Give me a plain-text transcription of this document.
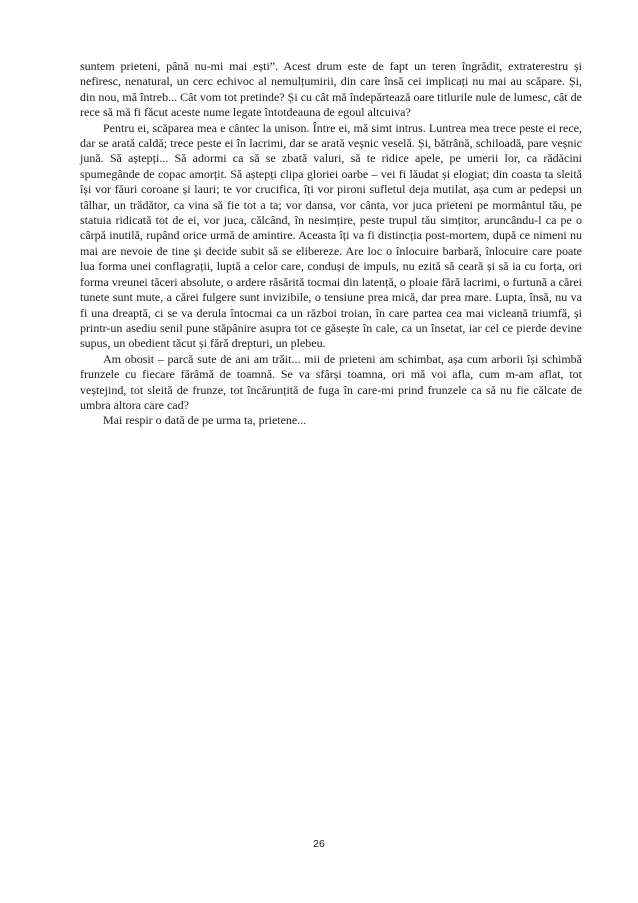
suntem prieteni, până nu-mi mai ești”. Acest drum este de fapt un teren îngrădit, extraterestru și nefiresc, nenatural, un cerc echivoc al nemulțumirii, din care însă cei implicați nu mai au scăpare. Și, din nou, mă întreb... Cât vom tot pretinde? Și cu cât mă îndepărtează oare titlurile nule de lumesc, cât de rece să mă fi făcut aceste nume legate întotdeauna de egoul altcuiva?

Pentru ei, scăparea mea e cântec la unison. Între ei, mă simt intrus. Luntrea mea trece peste ei rece, dar se arată caldă; trece peste ei în lacrimi, dar se arată veșnic veselă. Și, bătrână, schiloadă, pare veșnic jună. Să aștepți... Să adormi ca să se zbată valuri, să te ridice apele, pe umerii lor, ca rădăcini spumegânde de copac amorțit. Să aștepți clipa gloriei oarbe – vei fi lăudat și elogiat; din coasta ta sleită își vor făuri coroane și lauri; te vor crucifica, îți vor pironi sufletul deja mutilat, așa cum ar pedepsi un tâlhar, un trădător, ca vina să fie tot a ta; vor dansa, vor cânta, vor juca prieteni pe mormântul tău, pe statuia ridicată tot de ei, vor juca, călcând, în nesimțire, peste trupul tău simțitor, aruncându-l ca pe o cârpă inutilă, rupând orice urmă de amintire. Aceasta îți va fi distincția post-mortem, după ce nimeni nu mai are nevoie de tine și decide subit să se elibereze. Are loc o înlocuire barbară, înlocuire care poate lua forma unei conflagrații, luptă a celor care, conduși de impuls, nu ezită să ceară și să ia cu forța, ori forma vreunei tăceri absolute, o ardere răsărită tocmai din latență, o ploaie fără lacrimi, o furtună a cărei tunete sunt mute, a cărei fulgere sunt invizibile, o tensiune prea mică, dar prea mare. Lupta, însă, nu va fi una dreaptă, ci se va derula întocmai ca un război troian, în care partea cea mai vicleană triumfă, și printr-un asediu senil pune stăpânire asupra tot ce găsește în cale, ca un însetat, iar cel ce pierde devine supus, un obedient tăcut și fără drepturi, un plebeu.

Am obosit – parcă sute de ani am trăit... mii de prieteni am schimbat, așa cum arborii își schimbă frunzele cu fiecare fărâmă de toamnă. Se va sfârși toamna, ori mă voi afla, cum m-am aflat, tot veștejind, tot sleită de frunze, tot încărunțită de fuga în care-mi prind frunzele ca să nu fie călcate de umbra altora care cad?

Mai respir o dată de pe urma ta, prietene...

26
